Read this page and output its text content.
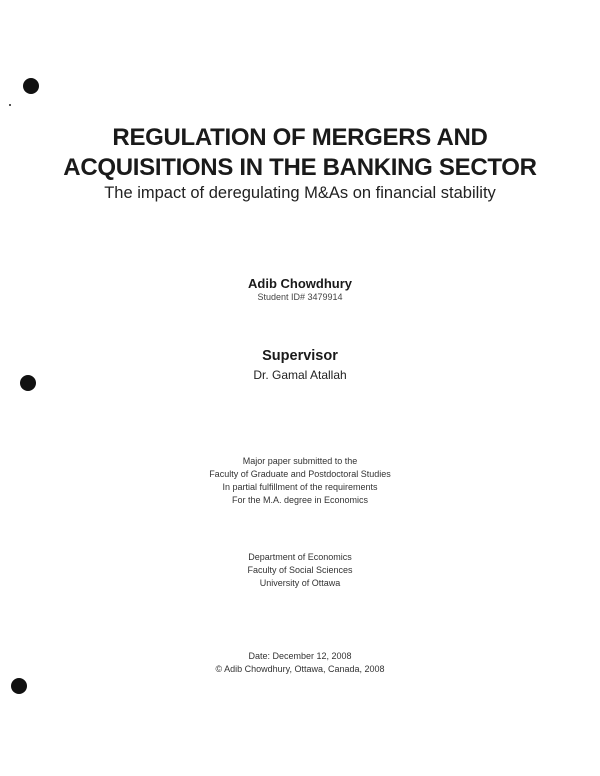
REGULATION OF MERGERS AND
ACQUISITIONS IN THE BANKING SECTOR
The impact of deregulating M&As on financial stability
Adib Chowdhury
Student ID# 3479914
Supervisor
Dr. Gamal Atallah
Major paper submitted to the
Faculty of Graduate and Postdoctoral Studies
In partial fulfillment of the requirements
For the M.A. degree in Economics
Department of Economics
Faculty of Social Sciences
University of Ottawa
Date: December 12, 2008
© Adib Chowdhury, Ottawa, Canada, 2008
